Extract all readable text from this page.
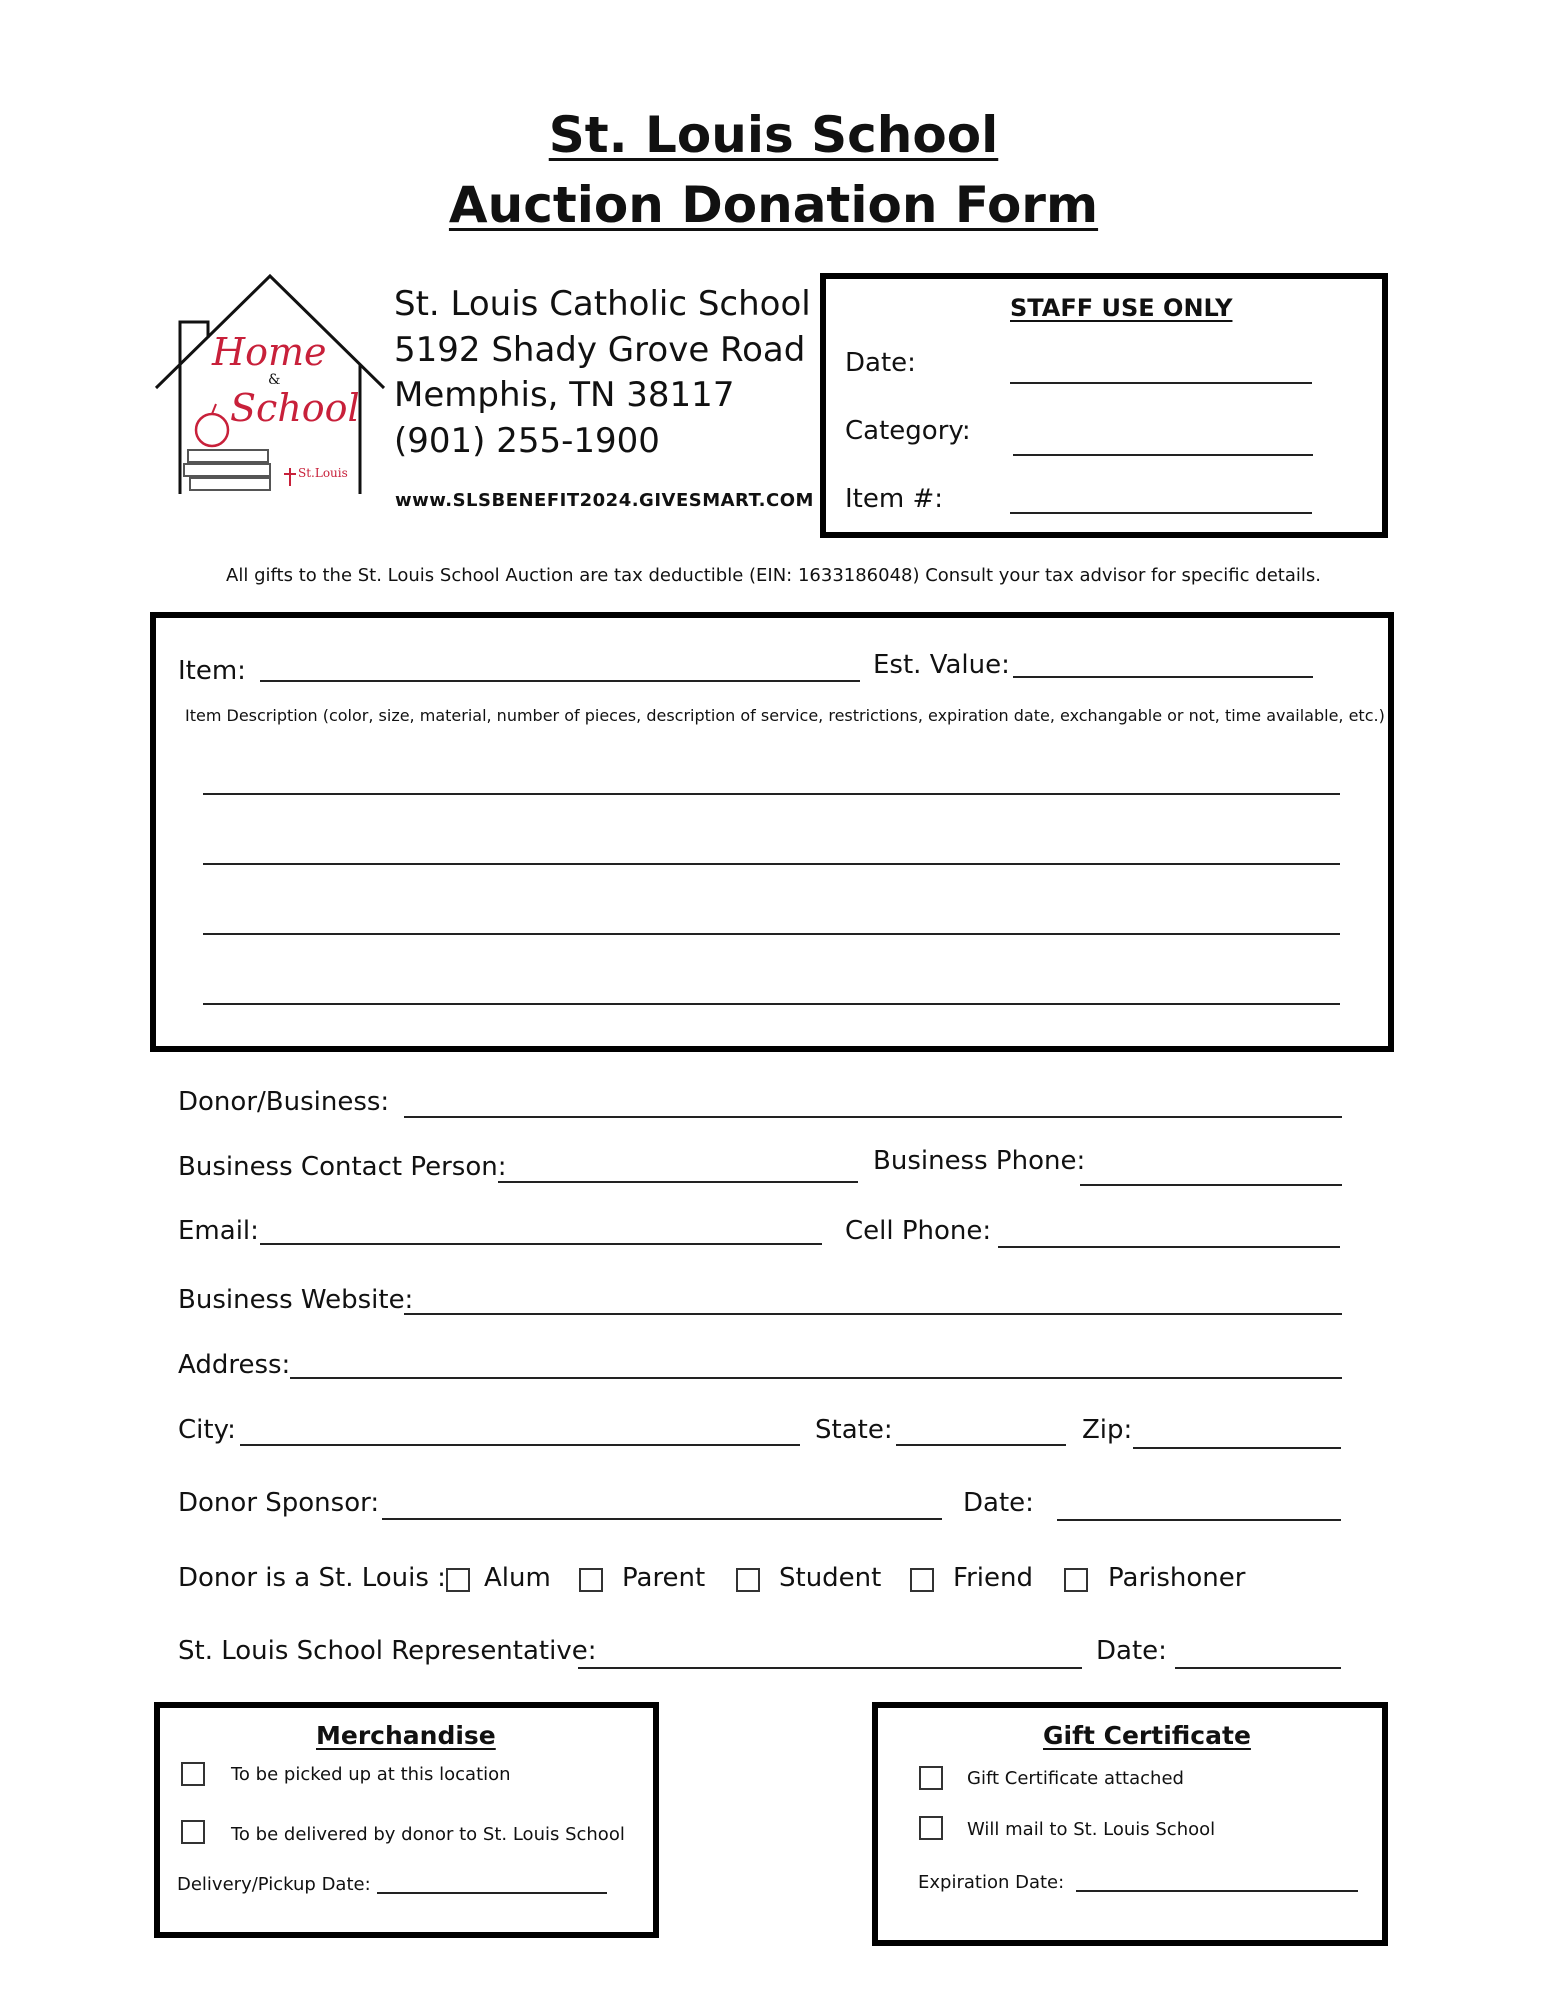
St. Louis School
Auction Donation Form
Home
&
School
St.Louis
St. Louis Catholic School
5192 Shady Grove Road
Memphis, TN 38117
(901) 255-1900
www.SLSBENEFIT2024.GIVESMART.COM
STAFF USE ONLY
Date:
Category:
Item #:
All gifts to the St. Louis School Auction are tax deductible (EIN: 1633186048) Consult your tax advisor for specific details.
Item:	Est. Value:
Item Description (color, size, material, number of pieces, description of service, restrictions, expiration date, exchangable or not, time available, etc.)
Donor/Business:
Business Contact Person:	Business Phone:
Email:	Cell Phone:
Business Website:
Address:
City:	State:	Zip:
Donor Sponsor:	Date:
Donor is a St. Louis : Alum	Parent	Student	Friend	Parishoner
St. Louis School Representative:	Date:
Merchandise
To be picked up at this location
To be delivered by donor to St. Louis School
Delivery/Pickup Date:
Gift Certificate
Gift Certificate attached
Will mail to St. Louis School
Expiration Date:
